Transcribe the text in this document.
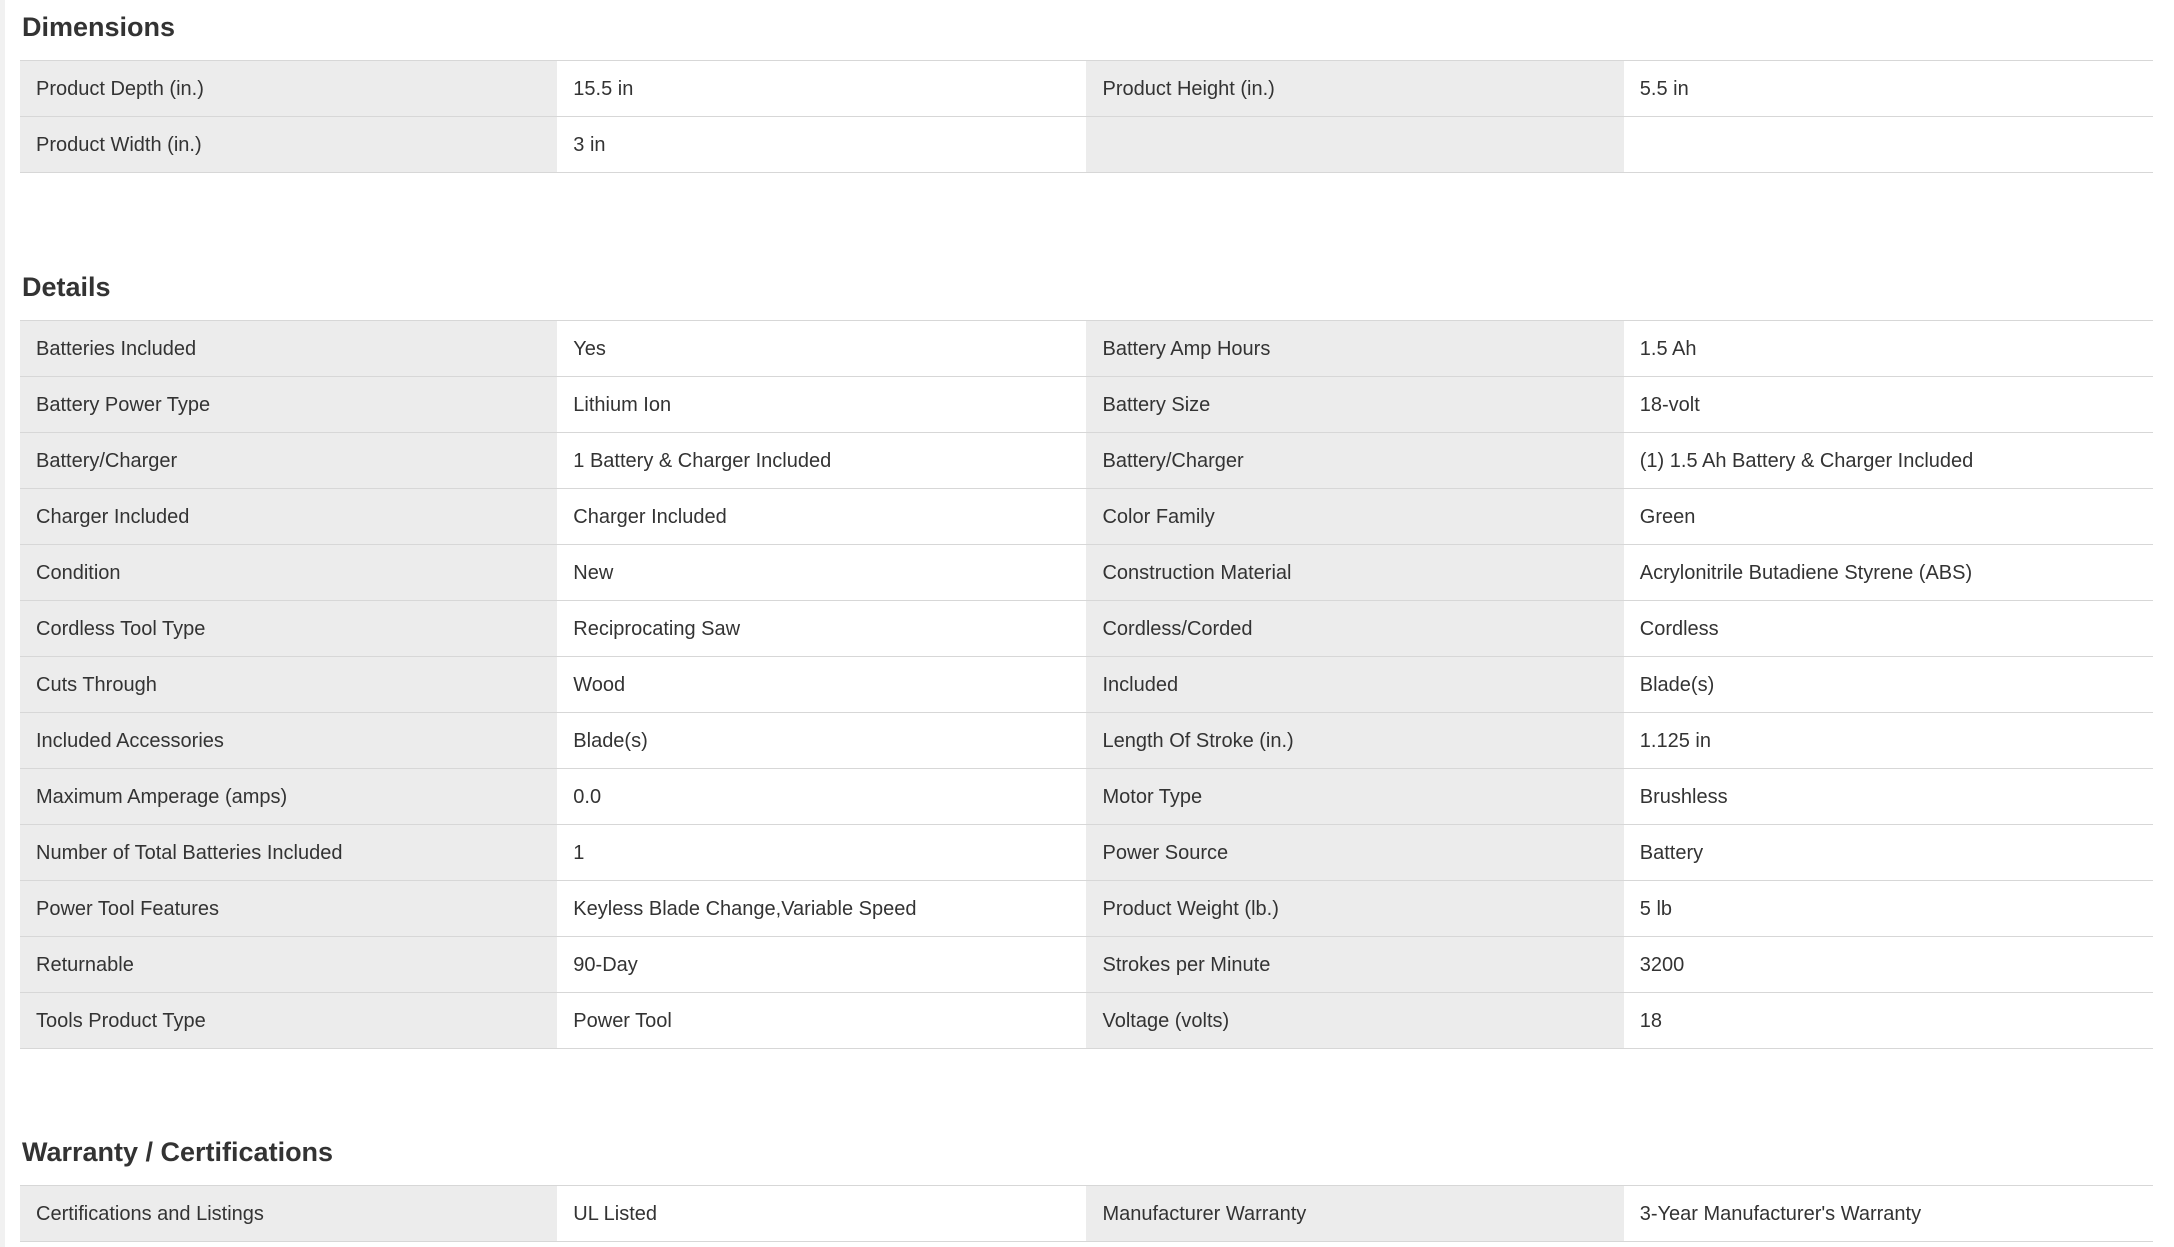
Dimensions
Product Depth (in.)	15.5 in	Product Height (in.)	5.5 in
Product Width (in.)	3 in		
Details
Batteries Included	Yes	Battery Amp Hours	1.5 Ah
Battery Power Type	Lithium Ion	Battery Size	18-volt
Battery/Charger	1 Battery & Charger Included	Battery/Charger	(1) 1.5 Ah Battery & Charger Included
Charger Included	Charger Included	Color Family	Green
Condition	New	Construction Material	Acrylonitrile Butadiene Styrene (ABS)
Cordless Tool Type	Reciprocating Saw	Cordless/Corded	Cordless
Cuts Through	Wood	Included	Blade(s)
Included Accessories	Blade(s)	Length Of Stroke (in.)	1.125 in
Maximum Amperage (amps)	0.0	Motor Type	Brushless
Number of Total Batteries Included	1	Power Source	Battery
Power Tool Features	Keyless Blade Change,Variable Speed	Product Weight (lb.)	5 lb
Returnable	90-Day	Strokes per Minute	3200
Tools Product Type	Power Tool	Voltage (volts)	18
Warranty / Certifications
Certifications and Listings	UL Listed	Manufacturer Warranty	3-Year Manufacturer's Warranty
